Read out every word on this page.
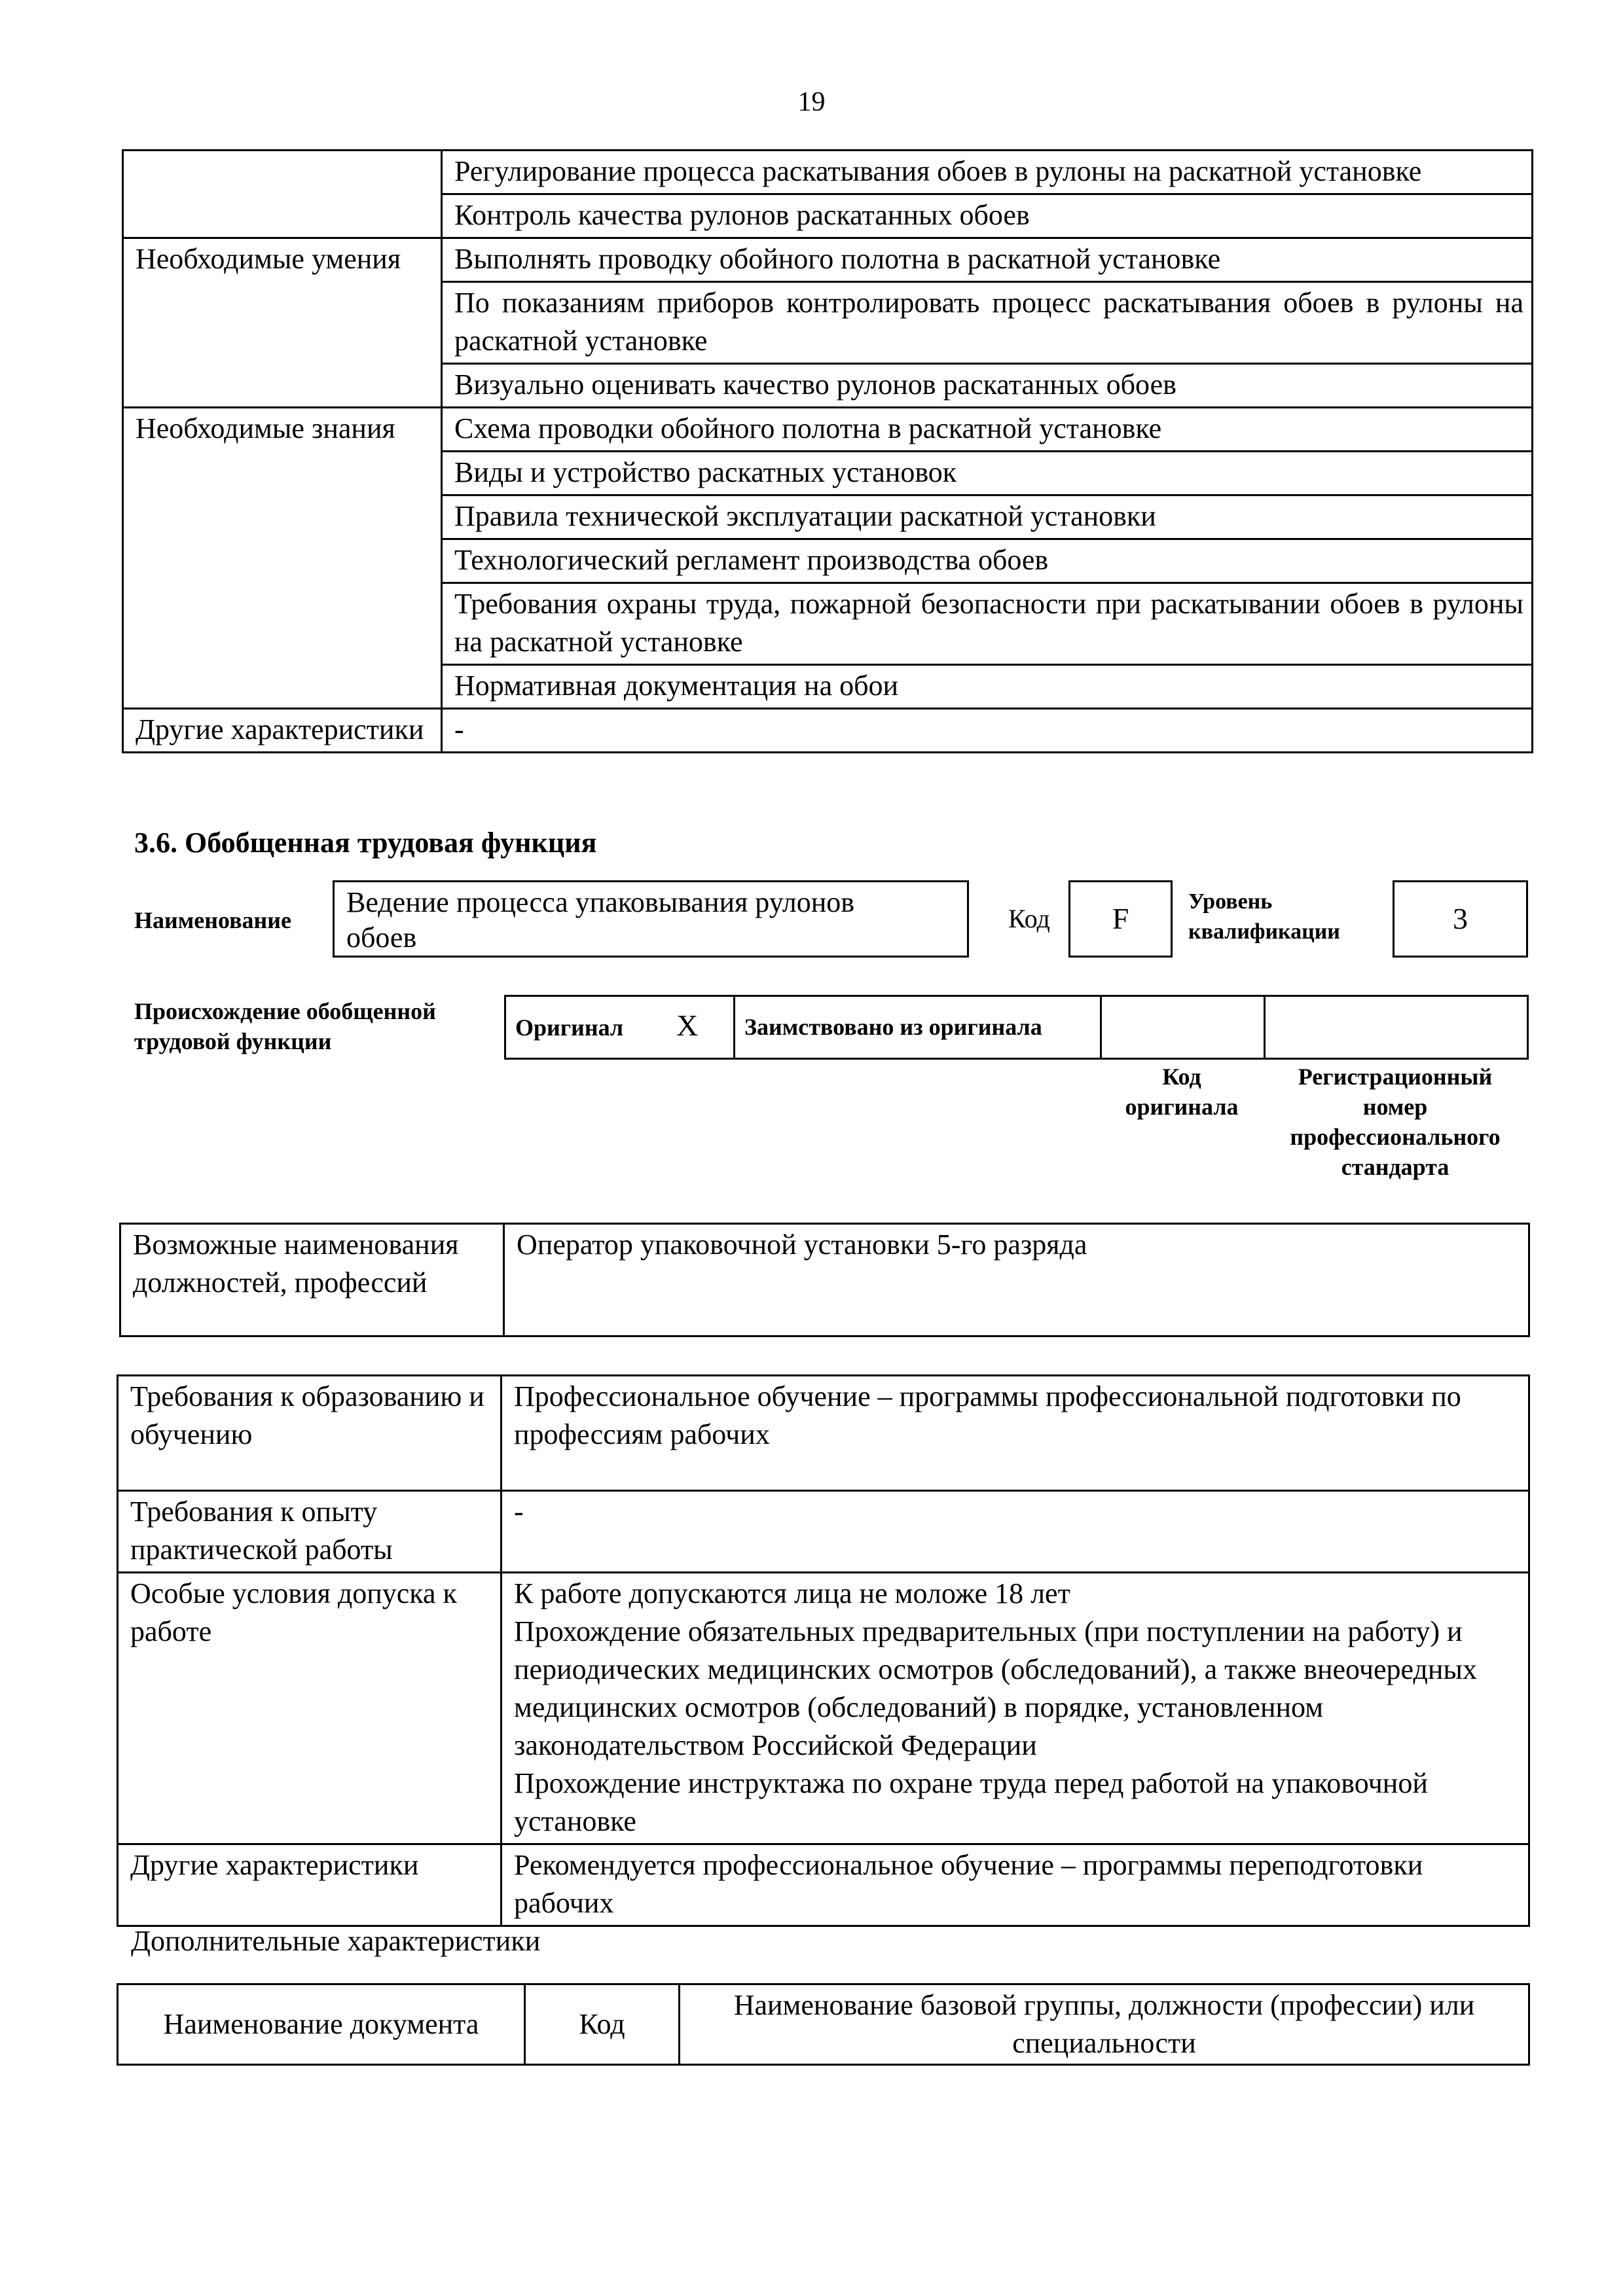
19
	Регулирование процесса раскатывания обоев в рулоны на раскатной установке
	Контроль качества рулонов раскатанных обоев
Необходимые умения	Выполнять проводку обойного полотна в раскатной установке
	По показаниям приборов контролировать процесс раскатывания обоев в рулоны на раскатной установке
	Визуально оценивать качество рулонов раскатанных обоев
Необходимые знания	Схема проводки обойного полотна в раскатной установке
	Виды и устройство раскатных установок
	Правила технической эксплуатации раскатной установки
	Технологический регламент производства обоев
	Требования охраны труда, пожарной безопасности при раскатывании обоев в рулоны на раскатной установке
	Нормативная документация на обои
Другие характеристики	-
3.6. Обобщенная трудовая функция
Наименование
Ведение процесса упаковывания рулонов
обоев
Код	F
Уровень
квалификации	3
Происхождение обобщенной
трудовой функции
Оригинал X	Заимствовано из оригинала		
Код
оригинала
Регистрационный
номер
профессионального
стандарта
Возможные наименования должностей, профессий	Оператор упаковочной установки 5-го разряда
Требования к образованию и обучению	Профессиональное обучение – программы профессиональной подготовки по профессиям рабочих
Требования к опыту практической работы	-
Особые условия допуска к работе	К работе допускаются лица не моложе 18 лет
Прохождение обязательных предварительных (при поступлении на работу) и периодических медицинских осмотров (обследований), а также внеочередных медицинских осмотров (обследований) в порядке, установленном законодательством Российской Федерации
Прохождение инструктажа по охране труда перед работой на упаковочной установке

Другие характеристики	Рекомендуется профессиональное обучение – программы переподготовки рабочих
Дополнительные характеристики
Наименование документа	Код	Наименование базовой группы, должности (профессии) или специальности
